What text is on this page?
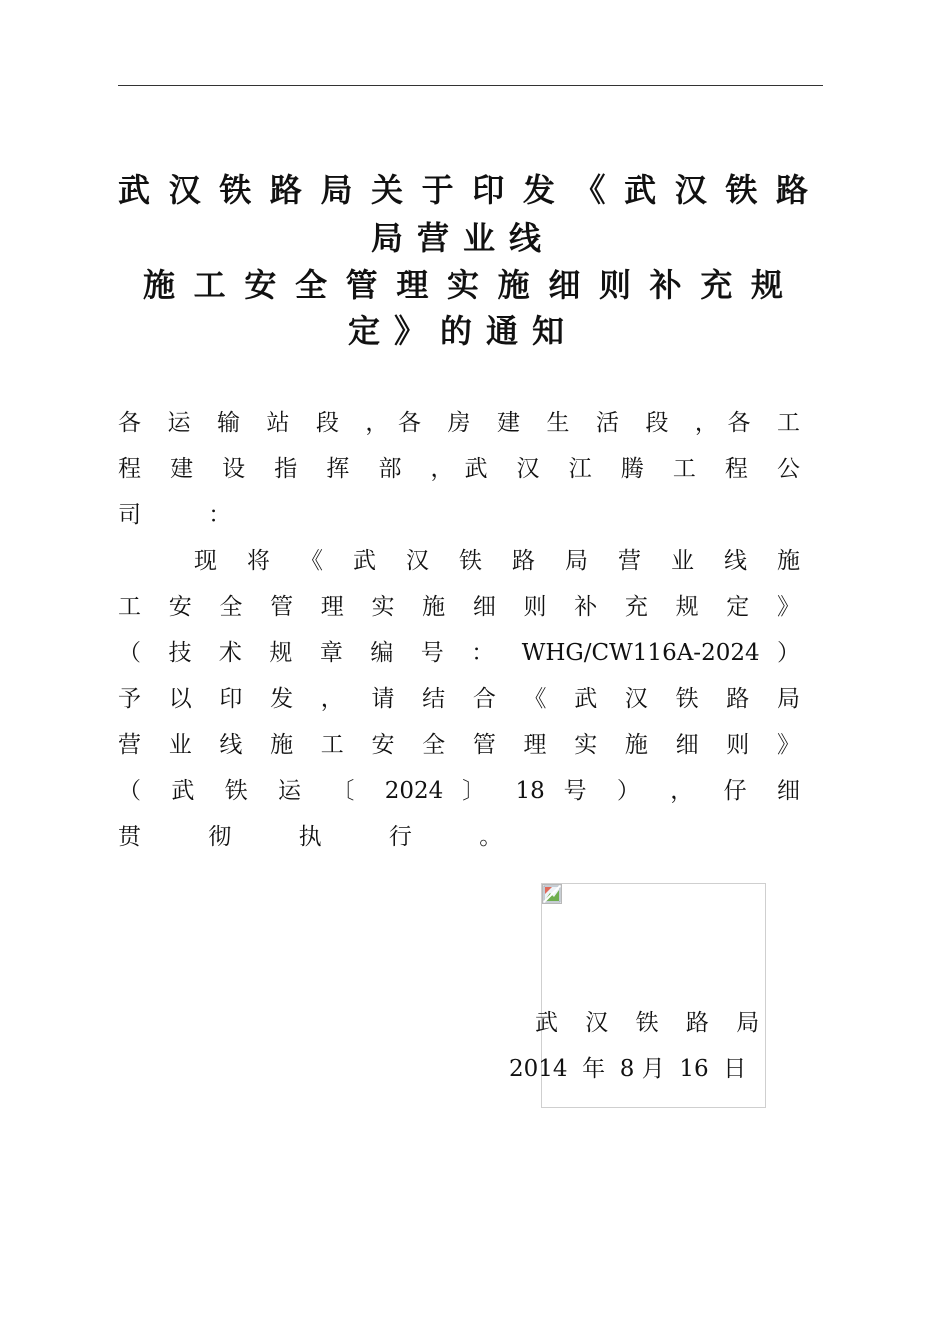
武汉铁路局关于印发《武汉铁路
局营业线
施工安全管理实施细则补充规
定》的通知
各 运 输 站 段 ，各 房 建 生 活 段 ，各 工
程 建 设 指 挥 部 ，武 汉 江 腾 工 程 公
司 ：
现 将 《 武 汉 铁 路 局 营 业 线 施
工 安 全 管 理 实 施 细 则 补 充 规 定 》
（ 技 术 规 章 编 号 ： WHG/CW116A-2024 ）
予 以 印 发 ， 请 结 合 《 武 汉 铁 路 局
营 业 线 施 工 安 全 管 理 实 施 细 则 》
（ 武 铁 运 〔 2024 〕 18 号 ） ， 仔 细
贯 彻 执 行 。
武 汉 铁 路 局
2014  年  8 月  16  日
